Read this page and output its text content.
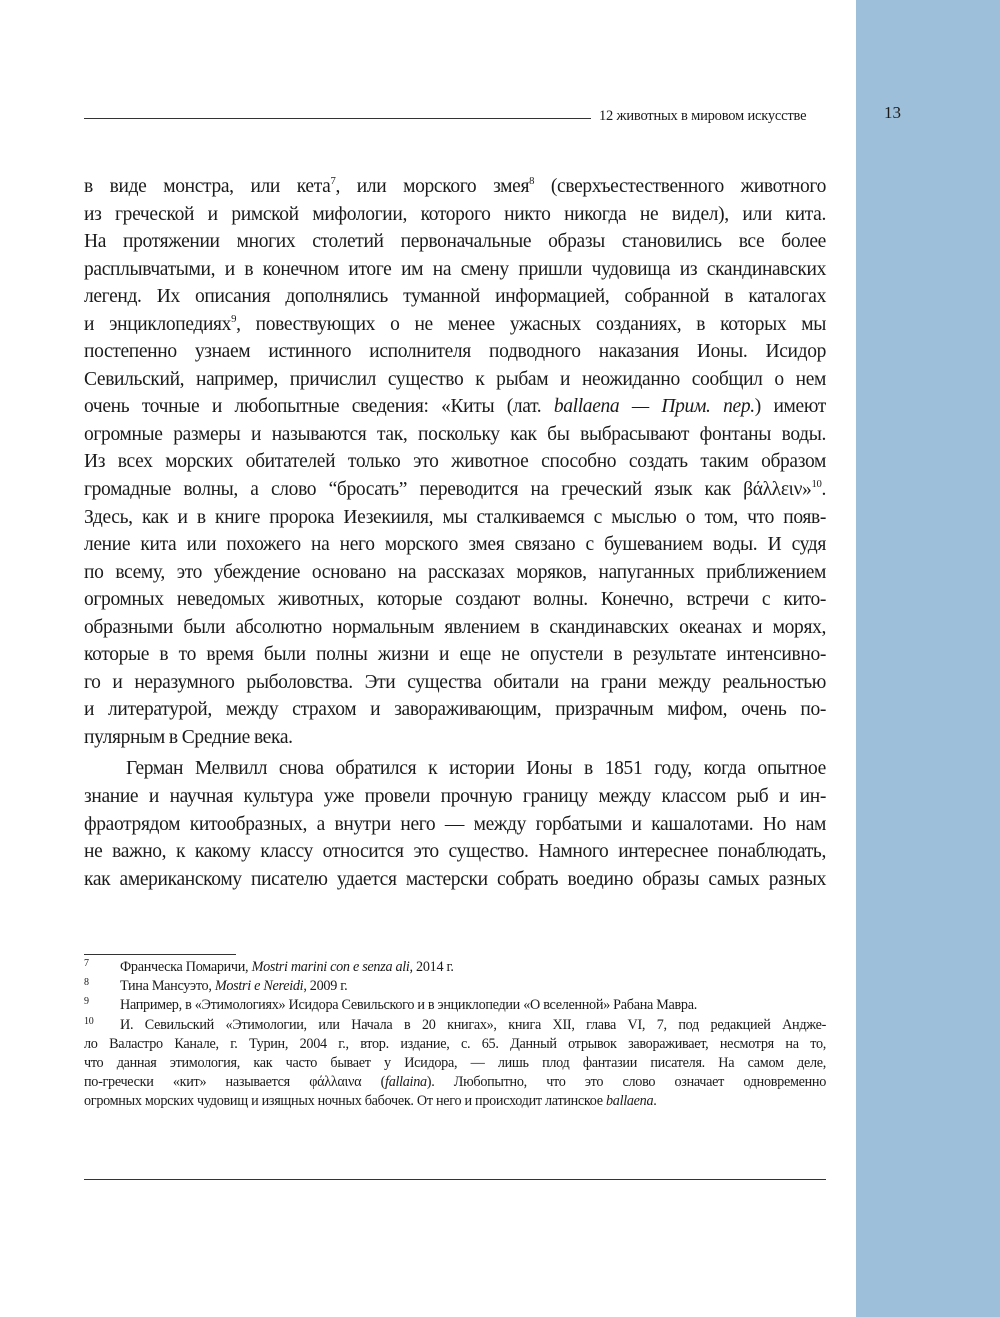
13
12 животных в мировом искусстве

в виде монстра, или кета$^7$, или морского змея$^8$ (сверхъестественного животного
из греческой и римской мифологии, которого никто никогда не видел), или кита.
На протяжении многих столетий первоначальные образы становились все более
расплывчатыми, и в конечном итоге им на смену пришли чудовища из скандинавских
легенд. Их описания дополнялись туманной информацией, собранной в каталогах
и энциклопедиях$^9$, повествующих о не менее ужасных созданиях, в которых мы
постепенно узнаем истинного исполнителя подводного наказания Ионы. Исидор
Севильский, например, причислил существо к рыбам и неожиданно сообщил о нем
очень точные и любопытные сведения: «Киты (лат. ballaena — Прим. пер.) имеют
огромные размеры и называются так, поскольку как бы выбрасывают фонтаны воды.
Из всех морских обитателей только это животное способно создать таким образом
громадные волны, а слово “бросать” переводится на греческий язык как βάλλειν»$^{10}$.
Здесь, как и в книге пророка Иезекииля, мы сталкиваемся с мыслью о том, что появ-
ление кита или похожего на него морского змея связано с бушеванием воды. И судя
по всему, это убеждение основано на рассказах моряков, напуганных приближением
огромных неведомых животных, которые создают волны. Конечно, встречи с кито-
образными были абсолютно нормальным явлением в скандинавских океанах и морях,
которые в то время были полны жизни и еще не опустели в результате интенсивно-
го и неразумного рыболовства. Эти существа обитали на грани между реальностью
и литературой, между страхом и завораживающим, призрачным мифом, очень по-
пулярным в Средние века.

Герман Мелвилл снова обратился к истории Ионы в 1851 году, когда опытное
знание и научная культура уже провели прочную границу между классом рыб и ин-
фраотрядом китообразных, а внутри него — между горбатыми и кашалотами. Но нам
не важно, к какому классу относится это существо. Намного интереснее понаблюдать,
как американскому писателю удается мастерски собрать воедино образы самых разных

7 Франческа Помаричи, Mostri marini con e senza ali, 2014 г.
8 Тина Мансуэто, Mostri e Nereidi, 2009 г.
9 Например, в «Этимологиях» Исидора Севильского и в энциклопедии «О вселенной» Рабана Мавра.
10 И. Севильский «Этимологии, или Начала в 20 книгах», книга XII, глава VI, 7, под редакцией Андже-
ло Валастро Канале, г. Турин, 2004 г., втор. издание, с. 65. Данный отрывок завораживает, несмотря на то,
что данная этимология, как часто бывает у Исидора, — лишь плод фантазии писателя. На самом деле,
по-гречески «кит» называется φάλλαινα (fallaina). Любопытно, что это слово означает одновременно
огромных морских чудовищ и изящных ночных бабочек. От него и происходит латинское ballaena.
